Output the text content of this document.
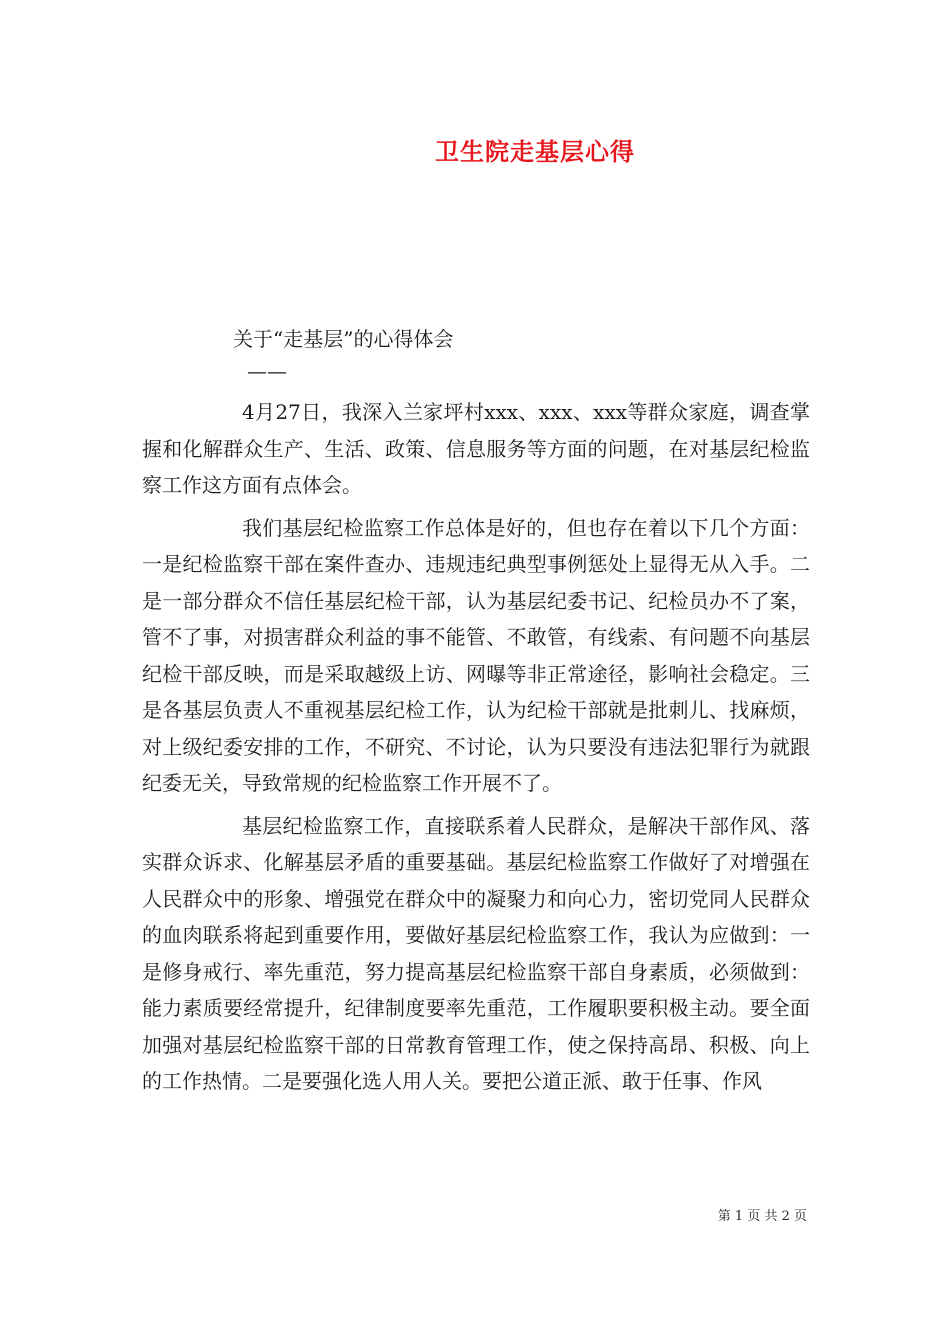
卫生院走基层心得
关于“走基层”的心得体会
——

4月27日，我深入兰家坪村xxx、xxx、xxx等群众家庭，调查掌握和化解群众生产、生活、政策、信息服务等方面的问题，在对基层纪检监察工作这方面有点体会。

我们基层纪检监察工作总体是好的，但也存在着以下几个方面：一是纪检监察干部在案件查办、违规违纪典型事例惩处上显得无从入手。二是一部分群众不信任基层纪检干部，认为基层纪委书记、纪检员办不了案，管不了事，对损害群众利益的事不能管、不敢管，有线索、有问题不向基层纪检干部反映，而是采取越级上访、网曝等非正常途径，影响社会稳定。三是各基层负责人不重视基层纪检工作，认为纪检干部就是批刺儿、找麻烦，对上级纪委安排的工作，不研究、不讨论，认为只要没有违法犯罪行为就跟纪委无关，导致常规的纪检监察工作开展不了。

基层纪检监察工作，直接联系着人民群众，是解决干部作风、落实群众诉求、化解基层矛盾的重要基础。基层纪检监察工作做好了对增强在人民群众中的形象、增强党在群众中的凝聚力和向心力，密切党同人民群众的血肉联系将起到重要作用，要做好基层纪检监察工作，我认为应做到：一是修身戒行、率先重范，努力提高基层纪检监察干部自身素质，必须做到：能力素质要经常提升，纪律制度要率先重范，工作履职要积极主动。要全面加强对基层纪检监察干部的日常教育管理工作，使之保持高昂、积极、向上的工作热情。二是要强化选人用人关。要把公道正派、敢于任事、作风

第 1 页 共 2 页
